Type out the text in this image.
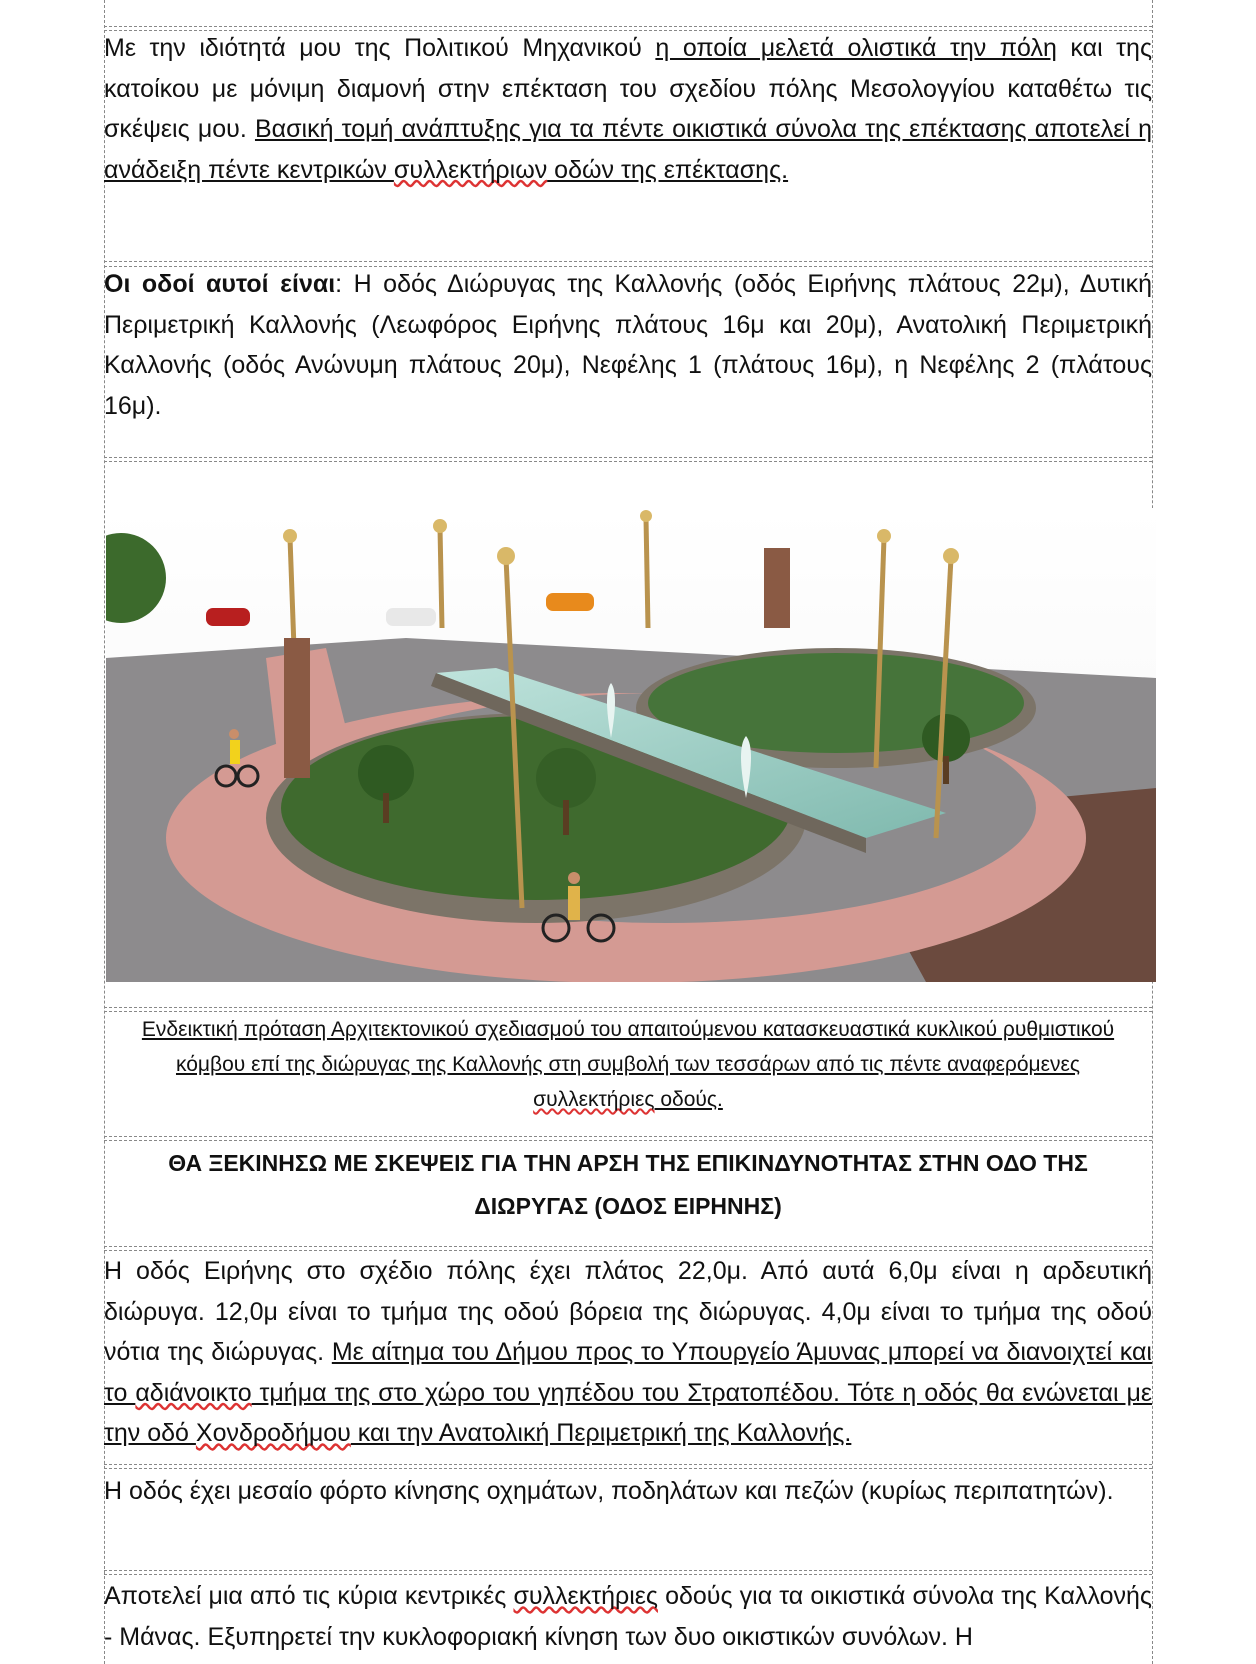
Με την ιδιότητά μου της Πολιτικού Μηχανικού η οποία μελετά ολιστικά την πόλη και της κατοίκου με μόνιμη διαμονή στην επέκταση του σχεδίου πόλης Μεσολογγίου καταθέτω τις σκέψεις μου. Βασική τομή ανάπτυξης για τα πέντε οικιστικά σύνολα της επέκτασης αποτελεί η ανάδειξη πέντε κεντρικών συλλεκτήριων οδών της επέκτασης.
Οι οδοί αυτοί είναι: Η οδός Διώρυγας της Καλλονής (οδός Ειρήνης πλάτους 22μ), Δυτική Περιμετρική Καλλονής (Λεωφόρος Ειρήνης πλάτους 16μ και 20μ), Ανατολική Περιμετρική Καλλονής (οδός Ανώνυμη πλάτους 20μ), Νεφέλης 1 (πλάτους 16μ), η Νεφέλης 2 (πλάτους 16μ).
Ενδεικτική πρόταση Αρχιτεκτονικού σχεδιασμού του απαιτούμενου κατασκευαστικά κυκλικού ρυθμιστικού κόμβου επί της διώρυγας της Καλλονής στη συμβολή των τεσσάρων από τις πέντε αναφερόμενες συλλεκτήριες οδούς.
ΘΑ ΞΕΚΙΝΗΣΩ ΜΕ ΣΚΕΨΕΙΣ ΓΙΑ ΤΗΝ ΑΡΣΗ ΤΗΣ ΕΠΙΚΙΝΔΥΝΟΤΗΤΑΣ ΣΤΗΝ ΟΔΟ ΤΗΣ
ΔΙΩΡΥΓΑΣ (ΟΔΟΣ ΕΙΡΗΝΗΣ)
Η οδός Ειρήνης στο σχέδιο πόλης έχει πλάτος 22,0μ. Από αυτά 6,0μ είναι η αρδευτική διώρυγα. 12,0μ είναι το τμήμα της οδού βόρεια της διώρυγας. 4,0μ είναι το τμήμα της οδού νότια της διώρυγας. Με αίτημα του Δήμου προς το Υπουργείο Άμυνας μπορεί να διανοιχτεί και το αδιάνοικτο τμήμα της στο χώρο του γηπέδου του Στρατοπέδου. Τότε η οδός θα ενώνεται με την οδό Χονδροδήμου και την Ανατολική Περιμετρική της Καλλονής.
Η οδός έχει μεσαίο φόρτο κίνησης οχημάτων, ποδηλάτων και πεζών (κυρίως περιπατητών).
Αποτελεί μια από τις κύρια κεντρικές συλλεκτήριες οδούς για τα οικιστικά σύνολα της Καλλονής - Μάνας. Εξυπηρετεί την κυκλοφοριακή κίνηση των δυο οικιστικών συνόλων. Η
